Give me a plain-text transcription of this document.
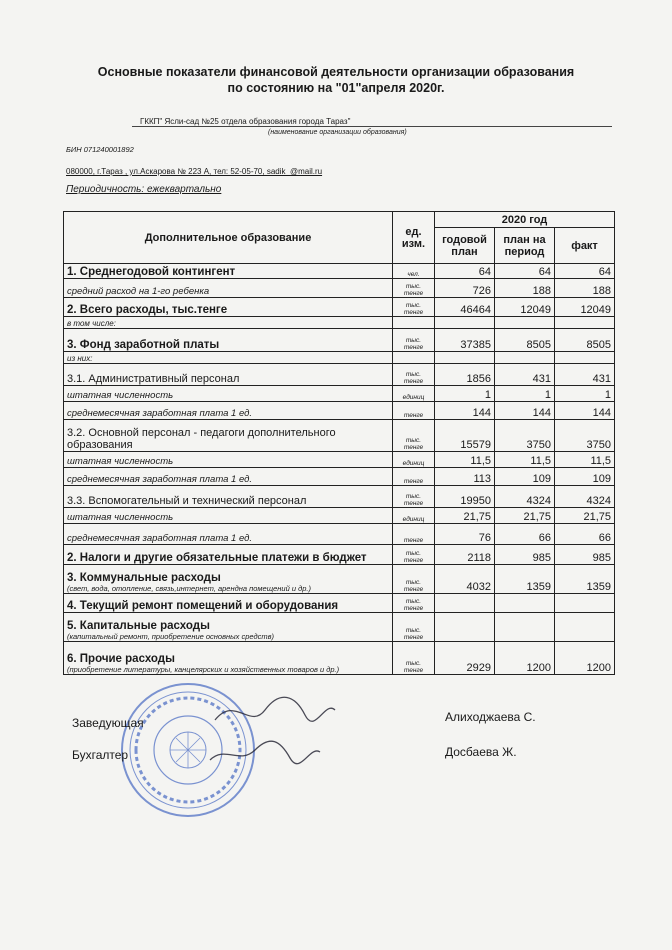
Основные показатели финансовой деятельности организации образования
по состоянию на "01"апреля 2020г.
ГККП" Ясли-сад №25 отдела образования города Тараз"
(наименование организации образования)
БИН 071240001892
080000, г.Тараз , ул.Аскарова № 223 А, тел: 52-05-70, sadik_@mail.ru
Периодичность: ежеквартально
Дополнительное образование	ед. изм.	2020 год		
		годовой план	план на период	факт
1. Среднегодовой контингент	чел.	64	64	64
средний расход на 1-го ребенка	тыс. тенге	726	188	188
2. Всего расходы, тыс.тенге	тыс. тенге	46464	12049	12049
в том числе:				
3. Фонд заработной платы	тыс. тенге	37385	8505	8505
из них:				
3.1. Административный персонал	тыс. тенге	1856	431	431
штатная численность	единиц	1	1	1
среднемесячная заработная плата 1 ед.	тенге	144	144	144
3.2. Основной персонал - педагоги дополнительного образования	тыс. тенге	15579	3750	3750
штатная численность	единиц	11,5	11,5	11,5
среднемесячная заработная плата 1 ед.	тенге	113	109	109
3.3. Вспомогательный и технический персонал	тыс. тенге	19950	4324	4324
штатная численность	единиц	21,75	21,75	21,75
среднемесячная заработная плата 1 ед.	тенге	76	66	66
2. Налоги и другие обязательные платежи в бюджет	тыс. тенге	2118	985	985
3. Коммунальные расходы
(свет, вода, отопление, связь,интернет, арендна помещений и др.)	тыс. тенге	4032	1359	1359
4. Текущий ремонт помещений и оборудования	тыс. тенге			
5. Капитальные расходы
(капитальный ремонт, приобретение основных средств)	тыс. тенге			
6. Прочие расходы
(приобретение литературы, канцелярских и хозяйственных товаров и др.)	тыс. тенге	2929	1200	1200
Заведующая	Алиходжаева С.
Бухгалтер	Досбаева Ж.
